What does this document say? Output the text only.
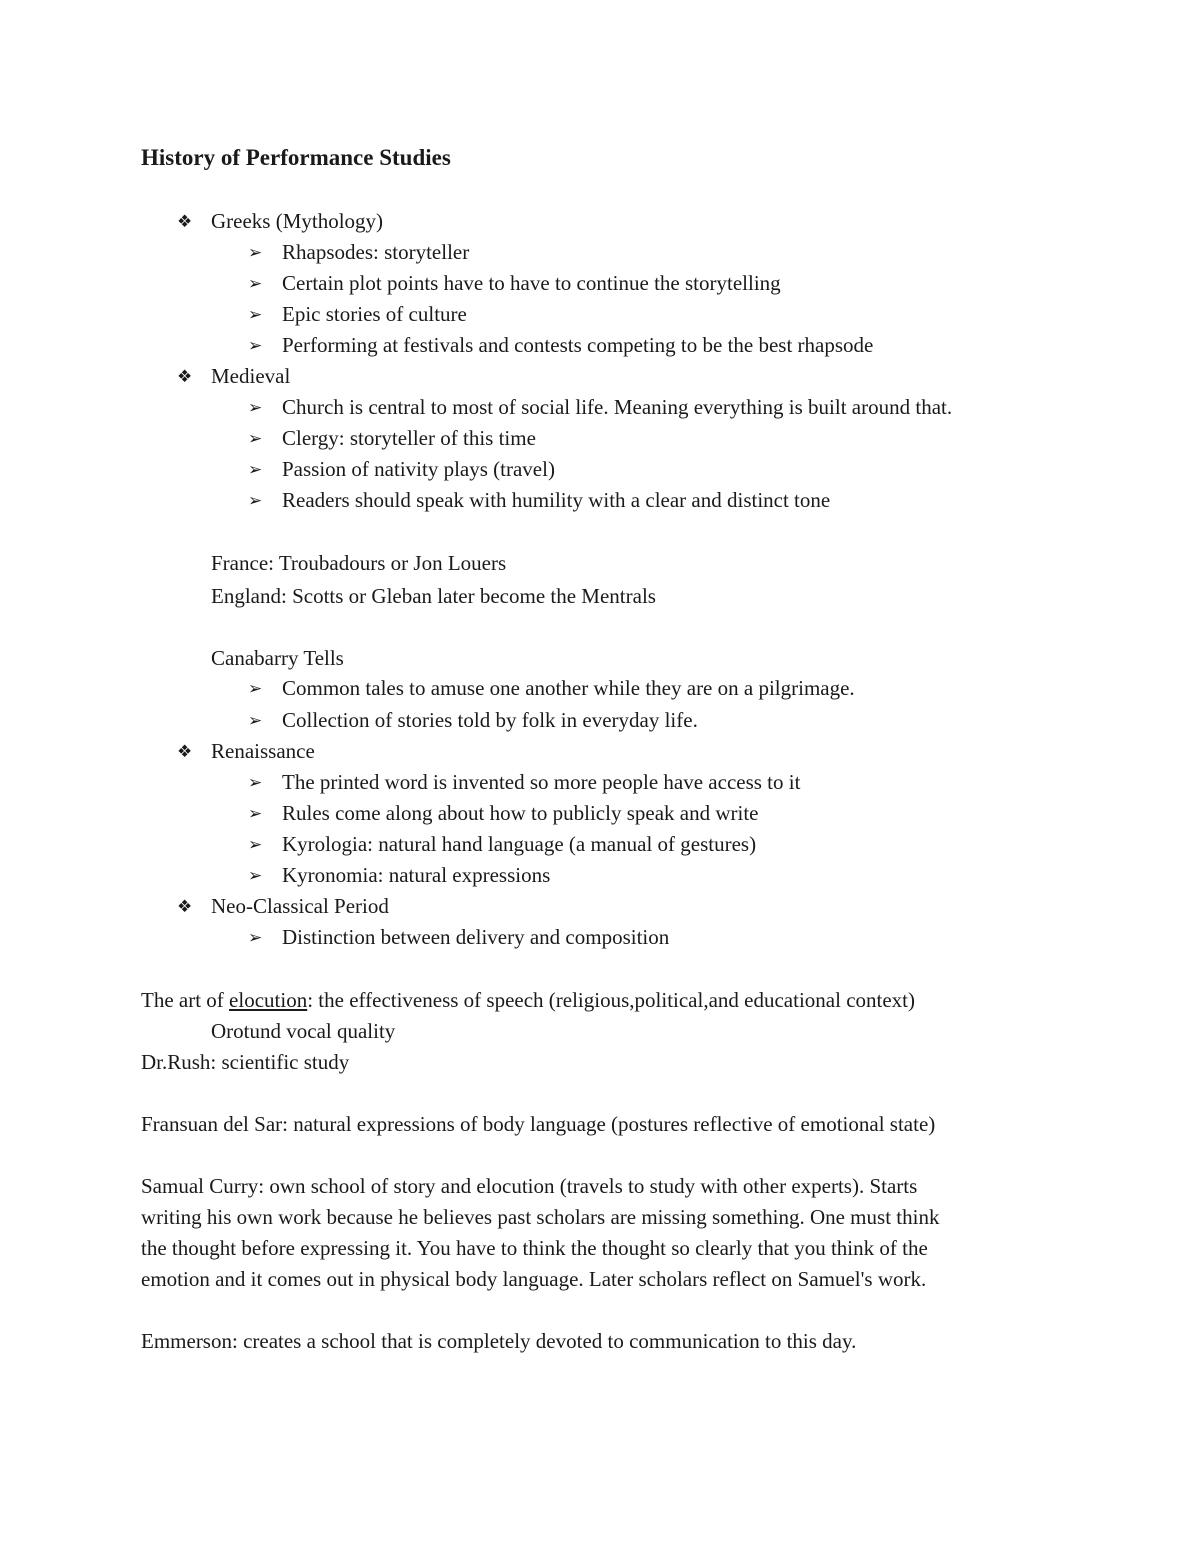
History of Performance Studies
❖ Greeks (Mythology)
➢ Rhapsodes: storyteller
➢ Certain plot points have to have to continue the storytelling
➢ Epic stories of culture
➢ Performing at festivals and contests competing to be the best rhapsode
❖ Medieval
➢ Church is central to most of social life. Meaning everything is built around that.
➢ Clergy: storyteller of this time
➢ Passion of nativity plays (travel)
➢ Readers should speak with humility with a clear and distinct tone
France: Troubadours or Jon Louers
England: Scotts or Gleban later become the Mentrals
Canabarry Tells
➢ Common tales to amuse one another while they are on a pilgrimage.
➢ Collection of stories told by folk in everyday life.
❖ Renaissance
➢ The printed word is invented so more people have access to it
➢ Rules come along about how to publicly speak and write
➢ Kyrologia: natural hand language (a manual of gestures)
➢ Kyronomia: natural expressions
❖ Neo-Classical Period
➢ Distinction between delivery and composition
The art of elocution: the effectiveness of speech (religious,political,and educational context)
Orotund vocal quality
Dr.Rush: scientific study
Fransuan del Sar: natural expressions of body language (postures reflective of emotional state)
Samual Curry: own school of story and elocution (travels to study with other experts). Starts
writing his own work because he believes past scholars are missing something. One must think
the thought before expressing it. You have to think the thought so clearly that you think of the
emotion and it comes out in physical body language. Later scholars reflect on Samuel's work.
Emmerson: creates a school that is completely devoted to communication to this day.
